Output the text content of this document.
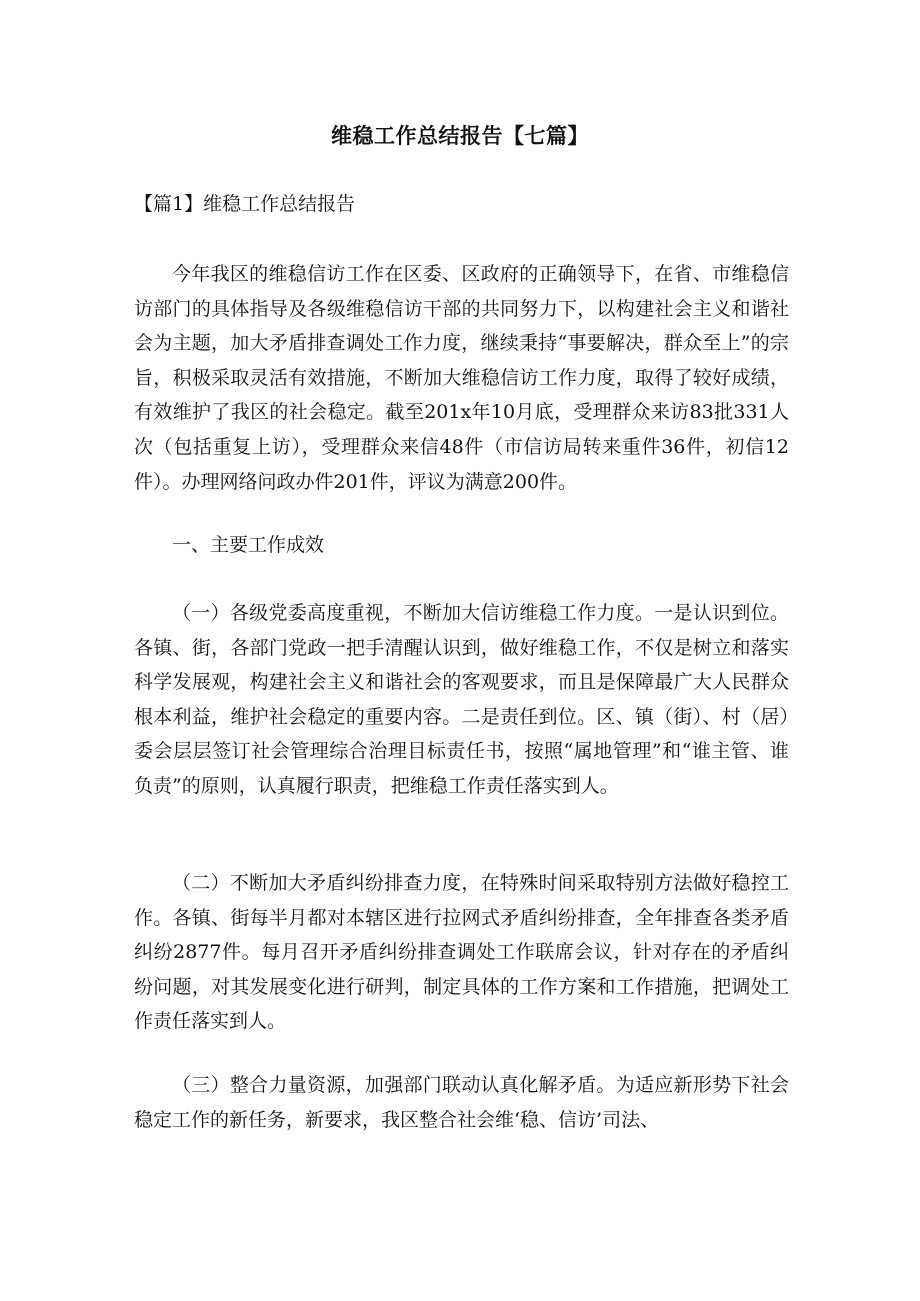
维稳工作总结报告【七篇】
【篇1】维稳工作总结报告

今年我区的维稳信访工作在区委、区政府的正确领导下，在省、市维稳信访部门的具体指导及各级维稳信访干部的共同努力下，以构建社会主义和谐社会为主题，加大矛盾排查调处工作力度，继续秉持“事要解决，群众至上”的宗旨，积极采取灵活有效措施，不断加大维稳信访工作力度，取得了较好成绩，有效维护了我区的社会稳定。截至201x年10月底，受理群众来访83批331人次（包括重复上访），受理群众来信48件（市信访局转来重件36件，初信12件）。办理网络问政办件201件，评议为满意200件。

一、主要工作成效

（一）各级党委高度重视，不断加大信访维稳工作力度。一是认识到位。各镇、街，各部门党政一把手清醒认识到，做好维稳工作，不仅是树立和落实科学发展观，构建社会主义和谐社会的客观要求，而且是保障最广大人民群众根本利益，维护社会稳定的重要内容。二是责任到位。区、镇（街）、村（居）委会层层签订社会管理综合治理目标责任书，按照“属地管理”和“谁主管、谁负责”的原则，认真履行职责，把维稳工作责任落实到人。

（二）不断加大矛盾纠纷排查力度，在特殊时间采取特别方法做好稳控工作。各镇、街每半月都对本辖区进行拉网式矛盾纠纷排查，全年排查各类矛盾纠纷2877件。每月召开矛盾纠纷排查调处工作联席会议，针对存在的矛盾纠纷问题，对其发展变化进行研判，制定具体的工作方案和工作措施，把调处工作责任落实到人。

（三）整合力量资源，加强部门联动认真化解矛盾。为适应新形势下社会稳定工作的新任务，新要求，我区整合社会维‘稳、信访’司法、
